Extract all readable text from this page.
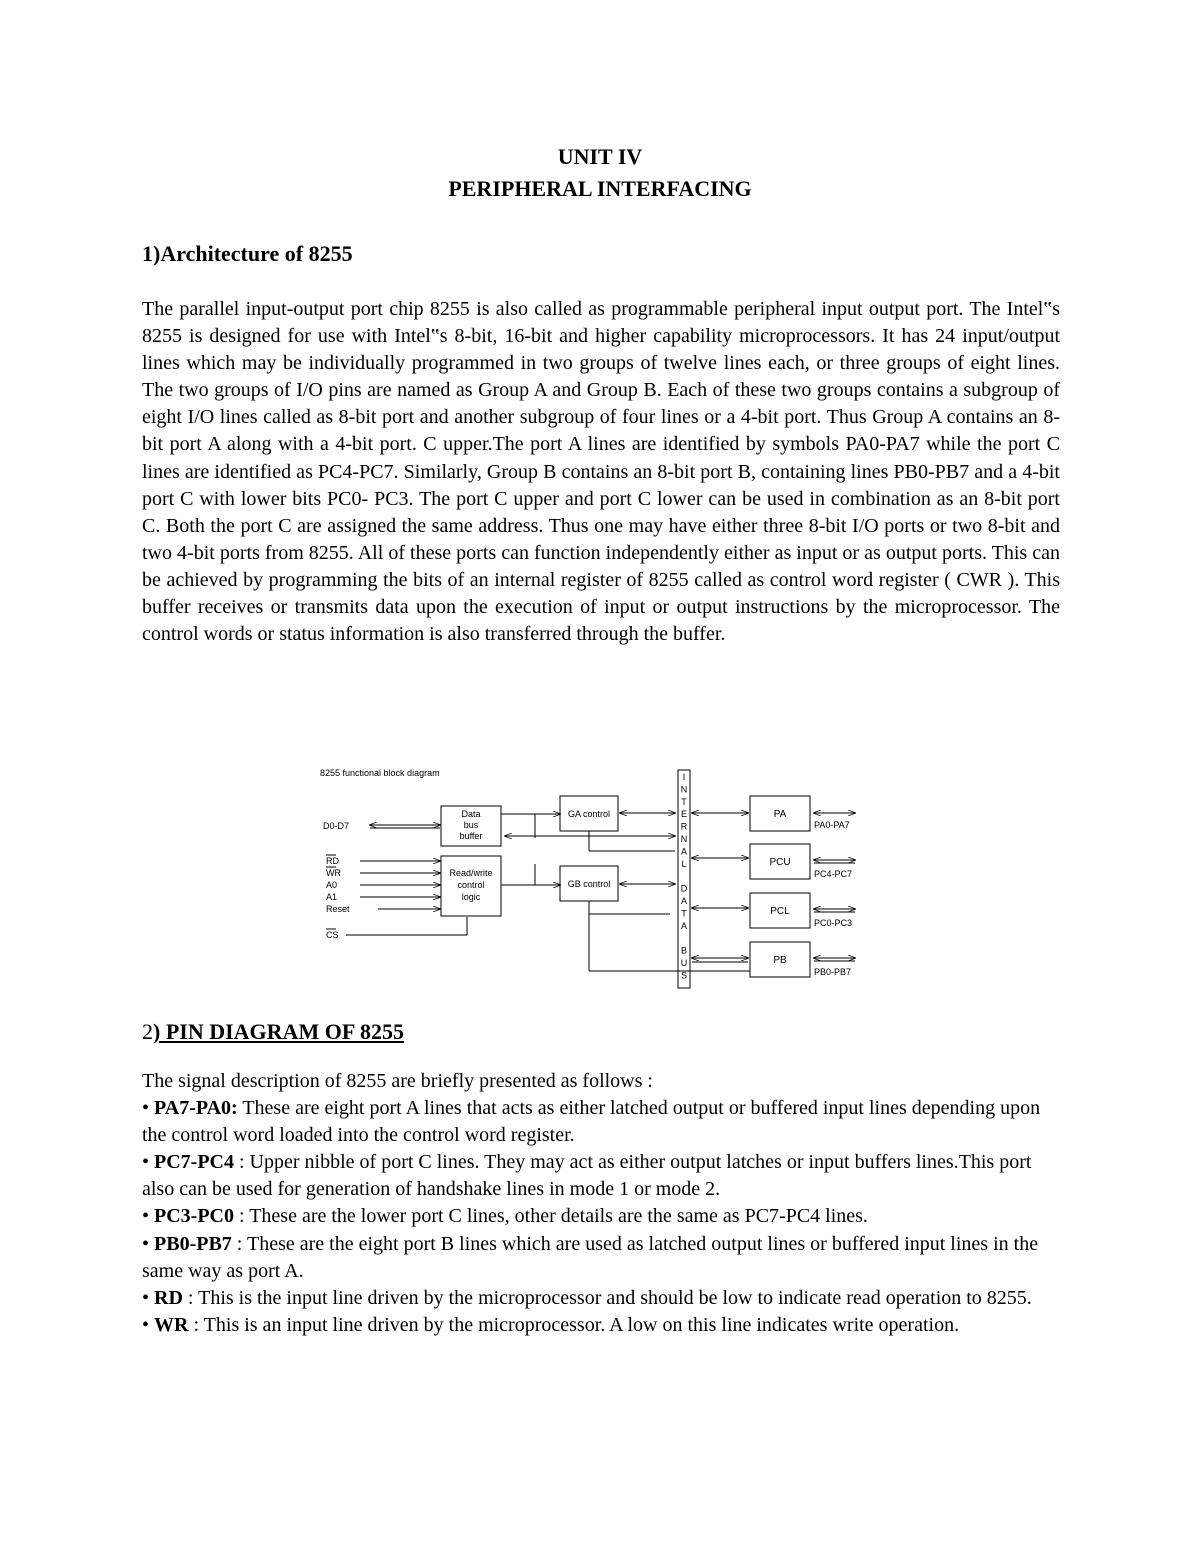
UNIT IV
PERIPHERAL INTERFACING
1)Architecture of 8255

The parallel input-output port chip 8255 is also called as programmable peripheral input output port. The Intel‟s 8255 is designed for use with Intel‟s 8-bit, 16-bit and higher capability microprocessors. It has 24 input/output lines which may be individually programmed in two groups of twelve lines each, or three groups of eight lines. The two groups of I/O pins are named as Group A and Group B. Each of these two groups contains a subgroup of eight I/O lines called as 8-bit port and another subgroup of four lines or a 4-bit port. Thus Group A contains an 8-bit port A along with a 4-bit port. C upper.The port A lines are identified by symbols PA0-PA7 while the port C lines are identified as PC4-PC7. Similarly, Group B contains an 8-bit port B, containing lines PB0-PB7 and a 4-bit port C with lower bits PC0- PC3. The port C upper and port C lower can be used in combination as an 8-bit port C. Both the port C are assigned the same address. Thus one may have either three 8-bit I/O ports or two 8-bit and two 4-bit ports from 8255. All of these ports can function independently either as input or as output ports. This can be achieved by programming the bits of an internal register of 8255 called as control word register ( CWR ). This buffer receives or transmits data upon the execution of input or output instructions by the microprocessor. The control words or status information is also transferred through the buffer.

8255 functional block diagram
D0-D7
Data
bus
buffer
GA control
RD
WR
A0
A1
Reset
CS
Read/write
control
logic
GB control
PA
PCU
PCL
PB
PA0-PA7
PC4-PC7
PC0-PC3
PB0-PB7
I
N
T
E
R
N
A
L
D
A
T
A
B
U
S
2) PIN DIAGRAM OF 8255
The signal description of 8255 are briefly presented as follows :
• PA7-PA0: These are eight port A lines that acts as either latched output or buffered input lines depending upon the control word loaded into the control word register.
• PC7-PC4 : Upper nibble of port C lines. They may act as either output latches or input buffers lines.This port also can be used for generation of handshake lines in mode 1 or mode 2.
• PC3-PC0 : These are the lower port C lines, other details are the same as PC7-PC4 lines.
• PB0-PB7 : These are the eight port B lines which are used as latched output lines or buffered input lines in the same way as port A.
• RD : This is the input line driven by the microprocessor and should be low to indicate read operation to 8255.
• WR : This is an input line driven by the microprocessor. A low on this line indicates write operation.
